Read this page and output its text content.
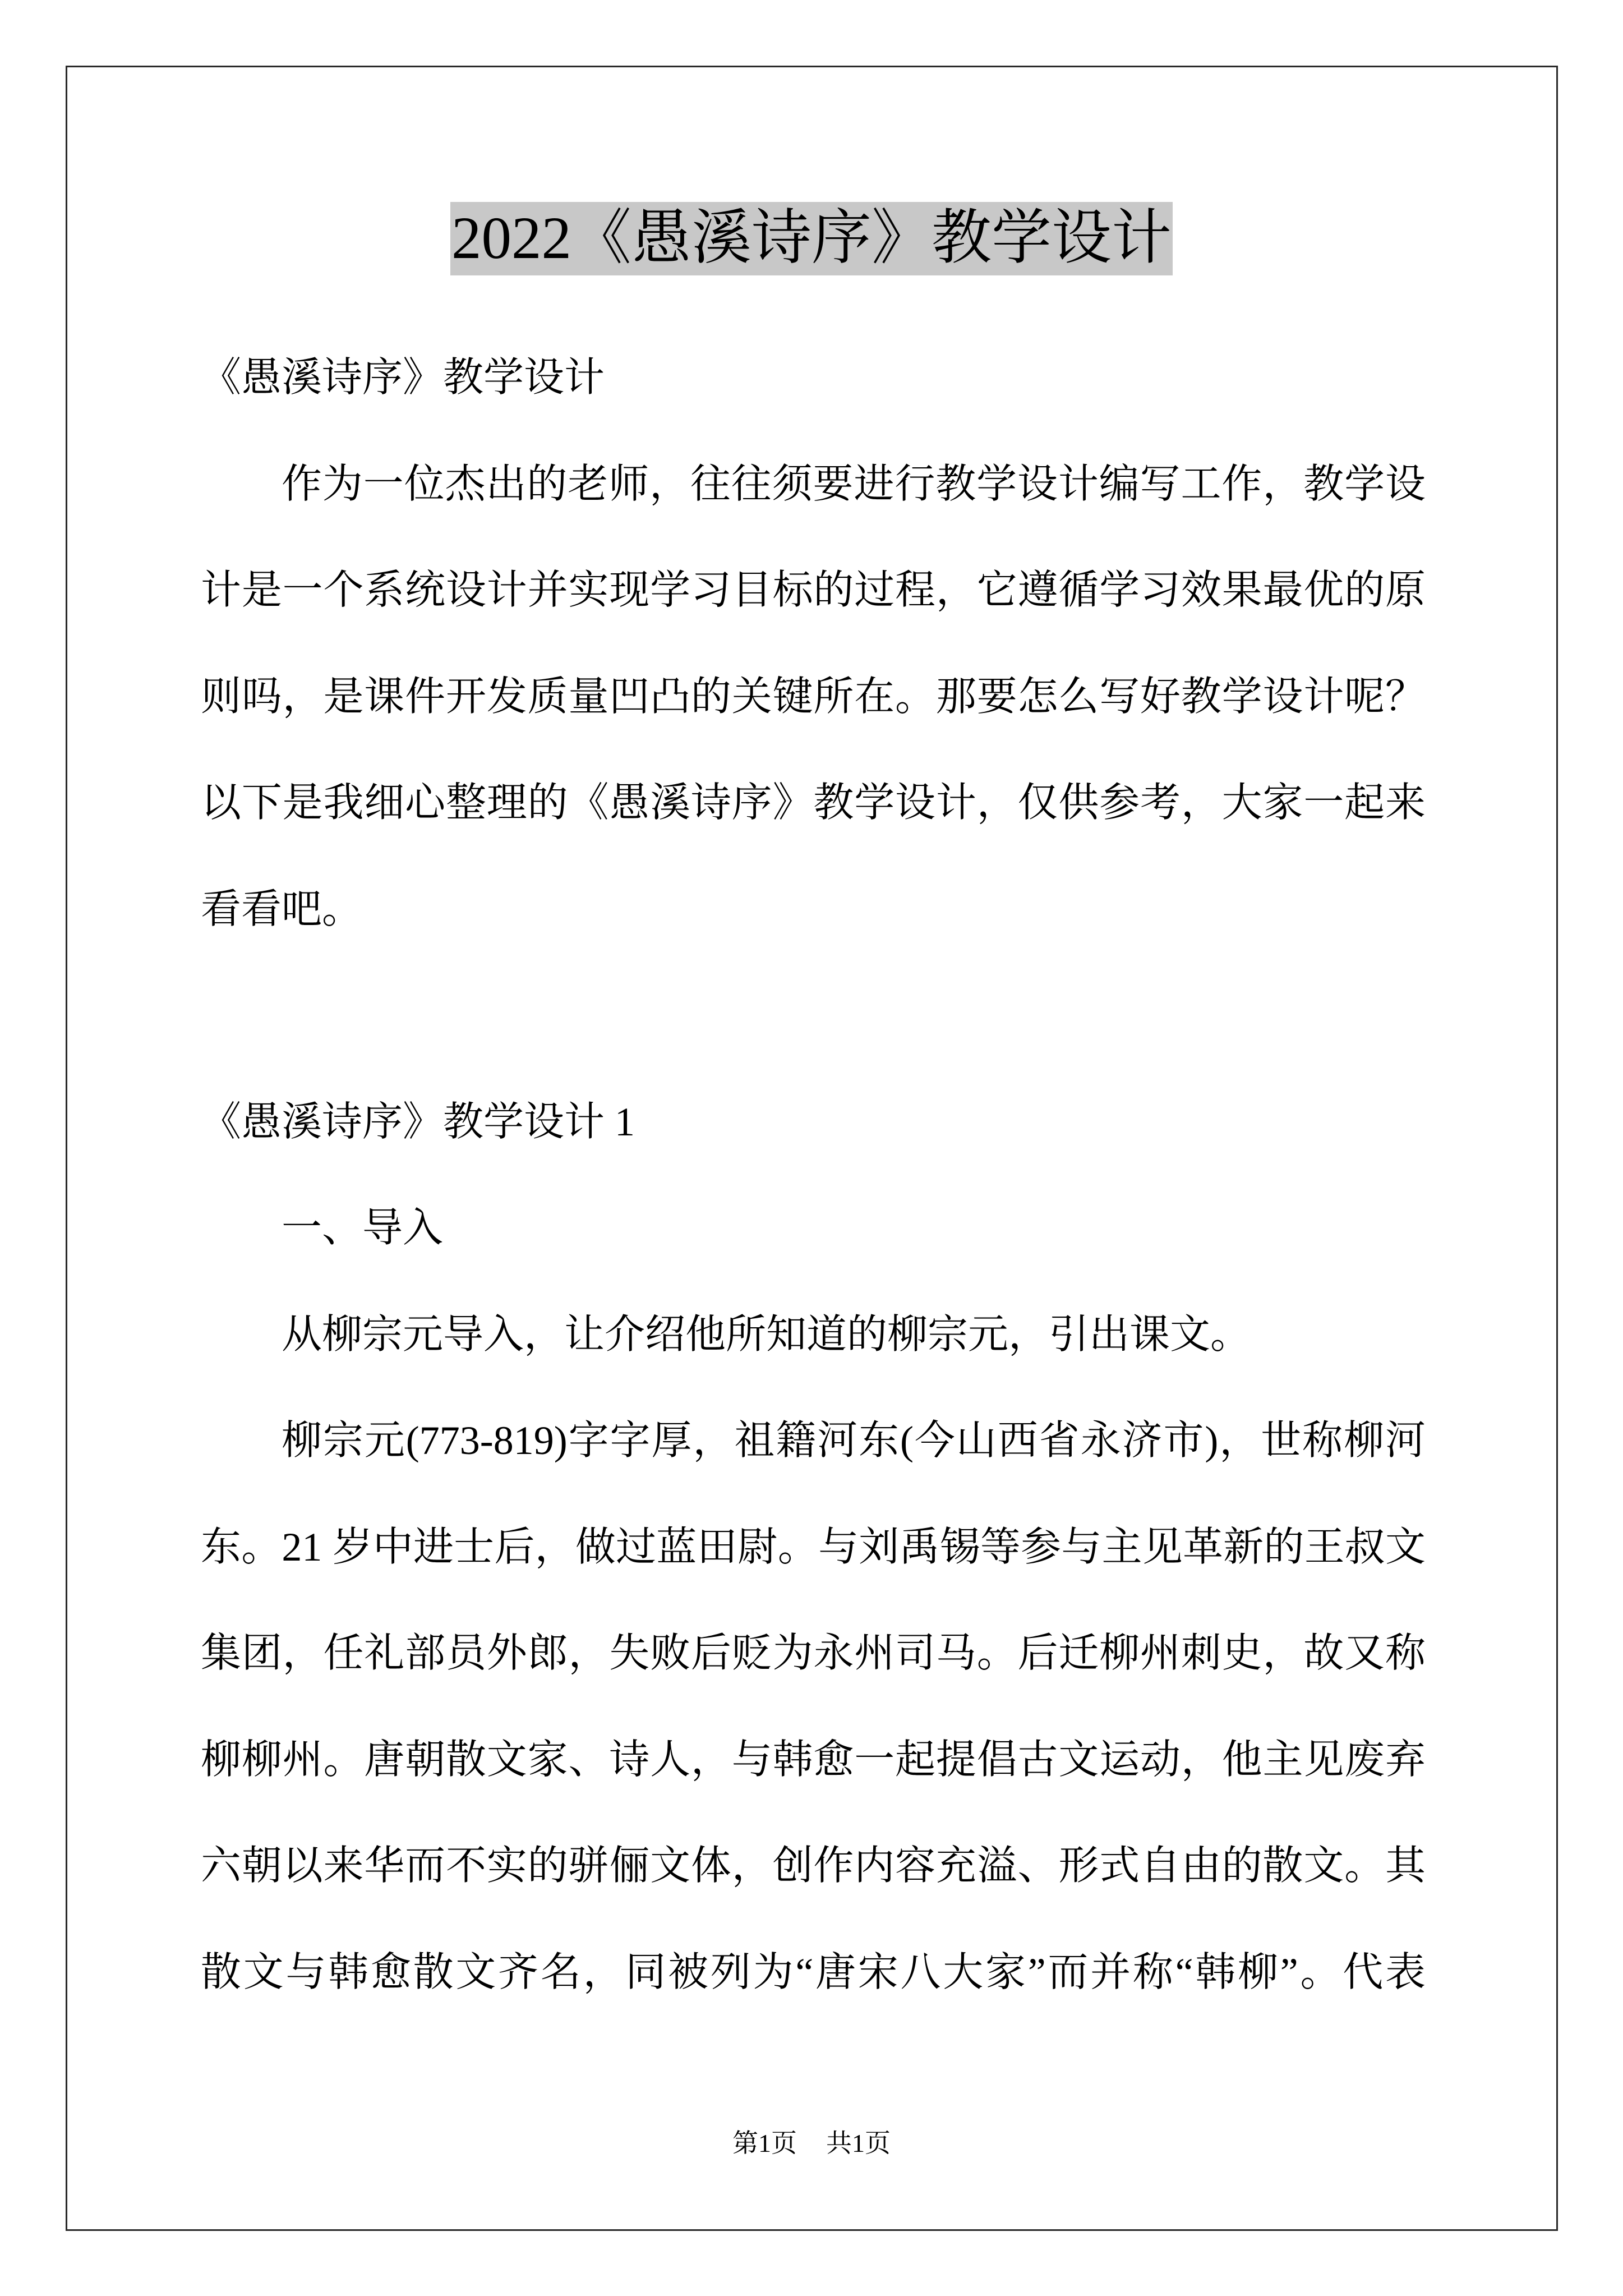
2022《愚溪诗序》教学设计
《愚溪诗序》教学设计
作为一位杰出的老师，往往须要进行教学设计编写工作，教学设
计是一个系统设计并实现学习目标的过程，它遵循学习效果最优的原
则吗，是课件开发质量凹凸的关键所在。那要怎么写好教学设计呢？
以下是我细心整理的《愚溪诗序》教学设计，仅供参考，大家一起来
看看吧。
《愚溪诗序》教学设计 1
一、导入
从柳宗元导入，让介绍他所知道的柳宗元，引出课文。
柳宗元(773-819)字字厚，祖籍河东(今山西省永济市)，世称柳河
东。21 岁中进士后，做过蓝田尉。与刘禹锡等参与主见革新的王叔文
集团，任礼部员外郎，失败后贬为永州司马。后迁柳州刺史，故又称
柳柳州。唐朝散文家、诗人，与韩愈一起提倡古文运动，他主见废弃
六朝以来华而不实的骈俪文体，创作内容充溢、形式自由的散文。其
散文与韩愈散文齐名，同被列为“唐宋八大家”而并称“韩柳”。代表
第1页 共1页
